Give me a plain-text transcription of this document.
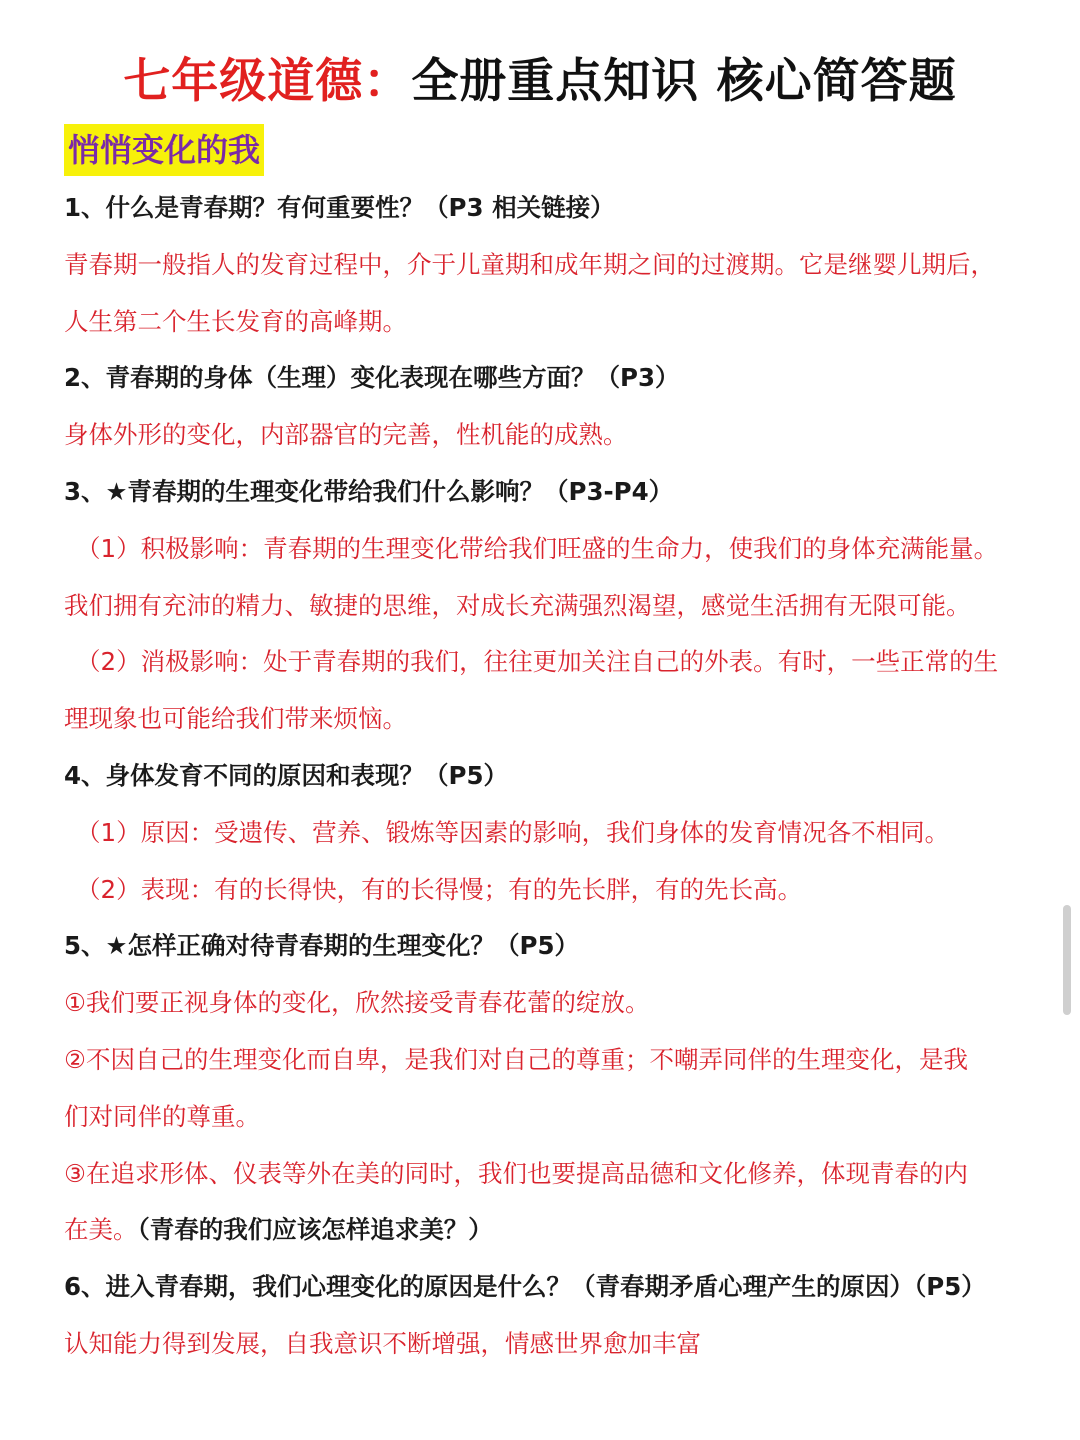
七年级道德：全册重点知识 核心简答题
悄悄变化的我
1、什么是青春期？有何重要性？（P3 相关链接）
青春期一般指人的发育过程中，介于儿童期和成年期之间的过渡期。它是继婴儿期后，
人生第二个生长发育的高峰期。
2、青春期的身体（生理）变化表现在哪些方面？（P3）
身体外形的变化，内部器官的完善，性机能的成熟。
3、★青春期的生理变化带给我们什么影响？（P3-P4）
（1）积极影响：青春期的生理变化带给我们旺盛的生命力，使我们的身体充满能量。
我们拥有充沛的精力、敏捷的思维，对成长充满强烈渴望，感觉生活拥有无限可能。
（2）消极影响：处于青春期的我们，往往更加关注自己的外表。有时，一些正常的生
理现象也可能给我们带来烦恼。
4、身体发育不同的原因和表现？（P5）
（1）原因：受遗传、营养、锻炼等因素的影响，我们身体的发育情况各不相同。
（2）表现：有的长得快，有的长得慢；有的先长胖，有的先长高。
5、★怎样正确对待青春期的生理变化？（P5）
①我们要正视身体的变化，欣然接受青春花蕾的绽放。
②不因自己的生理变化而自卑，是我们对自己的尊重；不嘲弄同伴的生理变化，是我
们对同伴的尊重。
③在追求形体、仪表等外在美的同时，我们也要提高品德和文化修养，体现青春的内
在美。（青春的我们应该怎样追求美？）
6、进入青春期，我们心理变化的原因是什么？（青春期矛盾心理产生的原因）（P5）
认知能力得到发展，自我意识不断增强，情感世界愈加丰富
